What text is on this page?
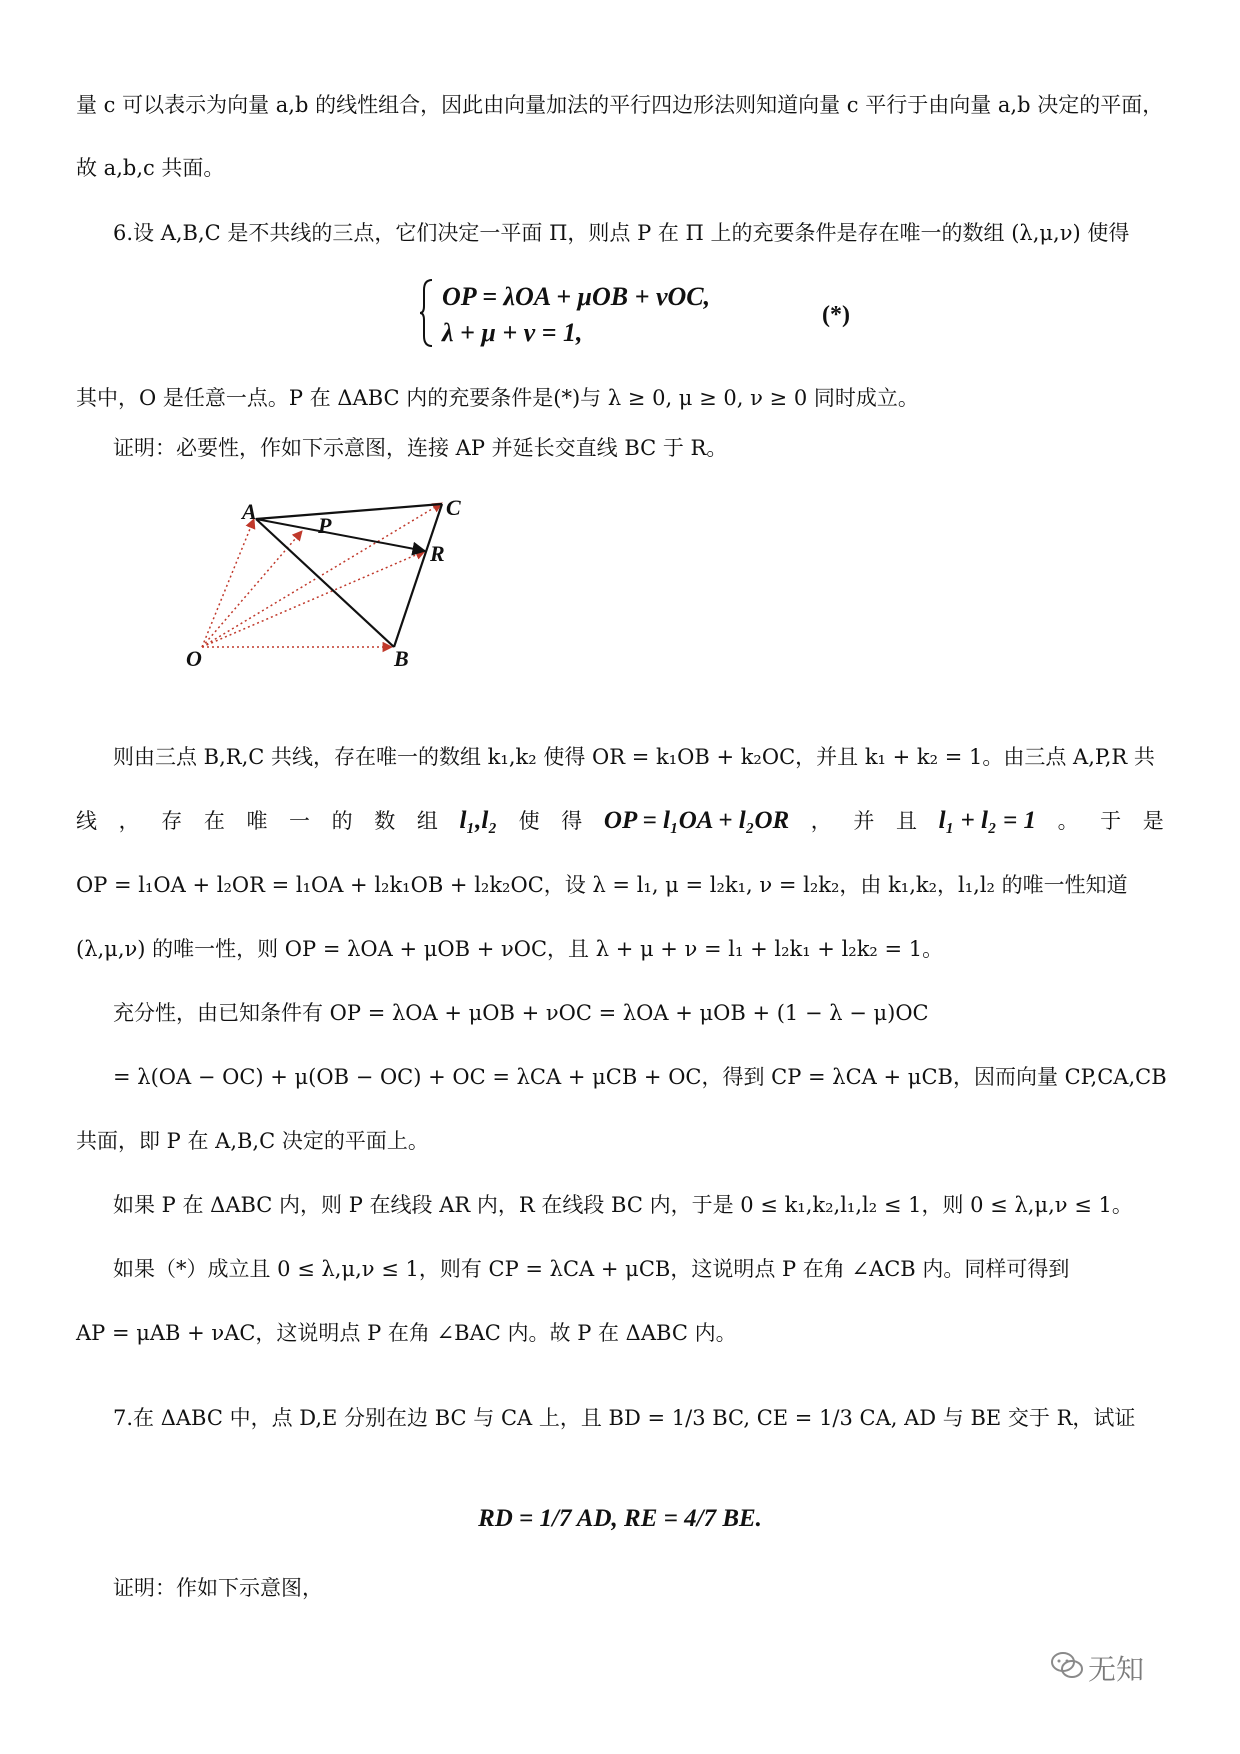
量 c 可以表示为向量 a,b 的线性组合，因此由向量加法的平行四边形法则知道向量 c 平行于由向量 a,b 决定的平面，
故 a,b,c 共面。
6.设 A,B,C 是不共线的三点，它们决定一平面 Π，则点 P 在 Π 上的充要条件是存在唯一的数组 (λ,μ,ν) 使得
OP = λOA + μOB + νOC,
λ + μ + ν = 1,
(*)
其中，O 是任意一点。P 在 ΔABC 内的充要条件是(*)与 λ ≥ 0, μ ≥ 0, ν ≥ 0 同时成立。
证明：必要性，作如下示意图，连接 AP 并延长交直线 BC 于 R。
A	C
P
R
O	B
则由三点 B,R,C 共线，存在唯一的数组 k₁,k₂ 使得 OR = k₁OB + k₂OC，并且 k₁ + k₂ = 1。由三点 A,P,R 共
线 ， 存 在 唯 一 的 数 组 l₁,l₂ 使 得 OP = l₁OA + l₂OR ， 并 且 l₁ + l₂ = 1 。 于 是
OP = l₁OA + l₂OR = l₁OA + l₂k₁OB + l₂k₂OC，设 λ = l₁, μ = l₂k₁, ν = l₂k₂，由 k₁,k₂，l₁,l₂ 的唯一性知道
(λ,μ,ν) 的唯一性，则 OP = λOA + μOB + νOC，且 λ + μ + ν = l₁ + l₂k₁ + l₂k₂ = 1。
充分性，由已知条件有 OP = λOA + μOB + νOC = λOA + μOB + (1 − λ − μ)OC
= λ(OA − OC) + μ(OB − OC) + OC = λCA + μCB + OC，得到 CP = λCA + μCB，因而向量 CP,CA,CB
共面，即 P 在 A,B,C 决定的平面上。
如果 P 在 ΔABC 内，则 P 在线段 AR 内，R 在线段 BC 内，于是 0 ≤ k₁,k₂,l₁,l₂ ≤ 1，则 0 ≤ λ,μ,ν ≤ 1。
如果（*）成立且 0 ≤ λ,μ,ν ≤ 1，则有 CP = λCA + μCB，这说明点 P 在角 ∠ACB 内。同样可得到
AP = μAB + νAC，这说明点 P 在角 ∠BAC 内。故 P 在 ΔABC 内。
7.在 ΔABC 中，点 D,E 分别在边 BC 与 CA 上，且 BD = 1/3 BC, CE = 1/3 CA, AD 与 BE 交于 R，试证
RD = 1/7 AD, RE = 4/7 BE.
证明：作如下示意图，
无知
